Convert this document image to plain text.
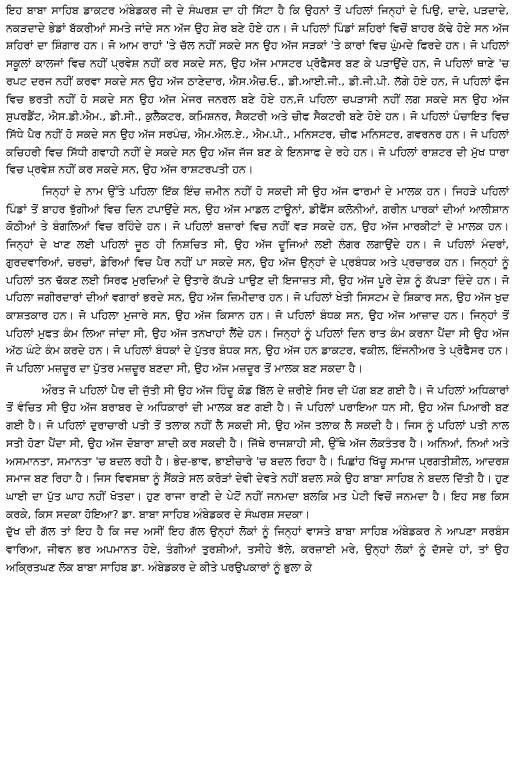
ਇਹ ਬਾਬਾ ਸਾਹਿਬ ਡਾਕਟਰ ਅੰਬੇਡਕਰ ਜੀ ਦੇ ਸੰਘਰਸ਼ ਦਾ ਹੀ ਸਿੱਟਾ ਹੈ ਕਿ ਉਹਨਾਂ ਤੋਂ ਪਹਿਲਾਂ ਜਿਨ੍ਹਾਂ ਦੇ ਪਿਉ, ਦਾਦੇ, ਪੜਦਾਦੇ, ਨਕੜਦਾਦੇ ਭੇਡਾਂ ਬੱਕਰੀਆਂ ਸਮਤੇ ਜਾਂਦੇ ਸਨ ਅੱਜ ਉਹ ਸ਼ੇਰ ਬਣੇ ਹੋਏ ਹਨ। ਜੋ ਪਹਿਲਾਂ ਪਿੰਡਾਂ ਸ਼ਹਿਰਾਂ ਵਿਚੋਂ ਬਾਹਰ ਕੱਢੇ ਹੋਏ ਸਨ ਅੱਜ ਸ਼ਹਿਰਾਂ ਦਾ ਸ਼ਿੰਗਾਰ ਹਨ। ਜੋ ਆਮ ਰਾਹਾਂ 'ਤੇ ਚੱਲ ਨਹੀਂ ਸਕਦੇ ਸਨ ਉਹ ਅੱਜ ਸੜਕਾਂ 'ਤੇ ਕਾਰਾਂ ਵਿਚ ਘੁੰਮਦੇ ਫਿਰਦੇ ਹਨ। ਜੋ ਪਹਿਲਾਂ ਸਕੂਲਾਂ ਕਾਲਜਾਂ ਵਿਚ ਨਹੀਂ ਪ੍ਰਵੇਸ਼ ਨਹੀਂ ਕਰ ਸਕਦੇ ਸਨ, ਉਹ ਅੱਜ ਮਾਸਟਰ ਪ੍ਰੋਫੈਸਰ ਬਣ ਕੇ ਪੜਾਉਂਦੇ ਹਨ, ਜੋ ਪਹਿਲਾਂ ਥਾਣੇ 'ਚ ਰਪਟ ਦਰਜ ਨਹੀਂ ਕਰਵਾ ਸਕਦੇ ਸਨ ਉਹ ਅੱਜ ਠਾਣੇਦਾਰ, ਐਸ.ਐਚ.ਓ., ਡੀ.ਆਈ.ਜੀ., ਡੀ.ਜੀ.ਪੀ. ਲੱਗੇ ਹੋਏ ਹਨ, ਜੋ ਪਹਿਲਾਂ ਫੌਜ ਵਿਚ ਭਰਤੀ ਨਹੀਂ ਹੋ ਸਕਦੇ ਸਨ ਉਹ ਅੱਜ ਮੇਜਰ ਜਨਰਲ ਬਣੇ ਹੋਏ ਹਨ,ਜੋ ਪਹਿਲਾ ਚਪੜਾਸੀ ਨਹੀਂ ਲਗ ਸਕਦੇ ਸਨ ਉਹ ਅੱਜ ਸੁਪਰਡੈਂਟ, ਐਸ.ਡੀ.ਐਮ., ਡੀ.ਸੀ., ਕੁਲੈਕਟਰ, ਕਮਿਸ਼ਨਰ, ਸੈਕਟਰੀ ਅਤੇ ਚੀਫ ਸੈਕਟਰੀ ਬਣੇ ਹੋਏ ਹਨ। ਜੋ ਪਹਿਲਾਂ ਪੰਚਾਇਤ ਵਿਚ ਸਿੱਧੇ ਪੈਰ ਨਹੀਂ ਹੋ ਸਕਦੇ ਸਨ ਉਹ ਅੱਜ ਸਰਪੰਚ, ਐਮ.ਐਲ.ਏ., ਐਮ.ਪੀ., ਮਨਿਸਟਰ, ਚੀਫ ਮਨਿਸਟਰ, ਗਵਰਨਰ ਹਨ। ਜੋ ਪਹਿਲਾਂ ਕਚਿਹਰੀ ਵਿਚ ਸਿੱਧੀ ਗਵਾਹੀ ਨਹੀਂ ਦੇ ਸਕਦੇ ਸਨ ਉਹ ਅੱਜ ਜੱਜ ਬਣ ਕੇ ਇਨਸਾਫ ਦੇ ਰਹੇ ਹਨ। ਜੋ ਪਹਿਲਾਂ ਰਾਸ਼ਟਰ ਦੀ ਮੁੱਖ ਧਾਰਾ ਵਿਚ ਪ੍ਰਵੇਸ਼ ਨਹੀਂ ਕਰ ਸਕਦੇ ਸਨ, ਉਹ ਅੱਜ ਰਾਸ਼ਟਰਪਤੀ ਹਨ।

ਜਿਨ੍ਹਾਂ ਦੇ ਨਾਮ ਉੱਤੇ ਪਹਿਲਾ ਇੱਕ ਇੰਚ ਜ਼ਮੀਨ ਨਹੀਂ ਹੋ ਸਕਦੀ ਸੀ ਉਹ ਅੱਜ ਫਾਰਮਾਂ ਦੇ ਮਾਲਕ ਹਨ। ਜਿਹੜੇ ਪਹਿਲਾਂ ਪਿੰਡਾਂ ਤੋਂ ਬਾਹਰ ਝੁੱਗੀਆਂ ਵਿਚ ਦਿਨ ਟਪਾਉਂਦੇ ਸਨ, ਉਹ ਅੱਜ ਮਾਡਲ ਟਾਊਨਾਂ, ਡੀਫੈਂਸ ਕਲੋਨੀਆਂ, ਗਰੀਨ ਪਾਰਕਾਂ ਦੀਆਂ ਆਲੀਸ਼ਾਨ ਕੋਠੀਆਂ ਤੇ ਬੰਗਲਿਆਂ ਵਿਚ ਰਹਿੰਦੇ ਹਨ। ਜੋ ਪਹਿਲਾਂ ਬਜ਼ਾਰਾਂ ਵਿਚ ਨਹੀਂ ਵੜ ਸਕਦੇ ਹਨ, ਉਹ ਅੱਜ ਮਾਰਕੀਟਾਂ ਦੇ ਮਾਲਕ ਹਨ। ਜਿਨ੍ਹਾਂ ਦੇ ਖਾਣ ਲਈ ਪਹਿਲਾਂ ਜੂਠ ਹੀ ਨਿਸ਼ਚਿਤ ਸੀ, ਉਹ ਅੱਜ ਦੂਜਿਆਂ ਲਈ ਲੰਗਰ ਲਗਾਉਂਦੇ ਹਨ। ਜੋ ਪਹਿਲਾਂ ਮੰਦਰਾਂ, ਗੁਰਦਵਾਰਿਆਂ, ਚਰਚਾਂ, ਡੇਰਿਆਂ ਵਿਚ ਪੈਰ ਨਹੀਂ ਪਾ ਸਕਦੇ ਸਨ, ਉਹ ਅੱਜ ਉਨ੍ਹਾਂ ਦੇ ਪ੍ਰਬੰਧਕ ਅਤੇ ਪ੍ਰਚਾਰਕ ਹਨ। ਜਿਨ੍ਹਾਂ ਨੂੰ ਪਹਿਲਾਂ ਤਨ ਢੱਕਣ ਲਈ ਸਿਰਫ ਮੁਰਦਿਆਂ ਦੇ ਉਤਾਰੇ ਕੱਪੜੇ ਪਾਉਣ ਦੀ ਇਜਾਜ਼ਤ ਸੀ, ਉਹ ਅੱਜ ਪੂਰੇ ਦੇਸ਼ ਨੂੰ ਕੱਪੜਾ ਦਿੰਦੇ ਹਨ। ਜੋ ਪਹਿਲਾ ਜਗੀਰਦਾਰਾਂ ਦੀਆਂ ਵਗਾਰਾਂ ਭਰਦੇ ਸਨ, ਉਹ ਅੱਜ ਜ਼ਿਮੀਦਾਰ ਹਨ। ਜੋ ਪਹਿਲਾਂ ਖੇਤੀ ਸਿਸਟਮ ਦੇ ਸ਼ਿਕਾਰ ਸਨ, ਉਹ ਅੱਜ ਖੁਦ ਕਾਸ਼ਤਕਾਰ ਹਨ। ਜੋ ਪਹਿਲਾ ਮੁਜਾਰੇ ਸਨ, ਉਹ ਅੱਜ ਕਿਸਾਨ ਹਨ। ਜੋ ਪਹਿਲਾਂ ਬੰਧਕ ਸਨ, ਉਹ ਅੱਜ ਆਜ਼ਾਦ ਹਨ। ਜਿਨ੍ਹਾਂ ਤੋਂ ਪਹਿਲਾਂ ਮੁਫਤ ਕੰਮ ਲਿਆ ਜਾਂਦਾ ਸੀ, ਉਹ ਅੱਜ ਤਨਖਾਹਾਂ ਲੈਂਦੇ ਹਨ। ਜਿਨ੍ਹਾਂ ਨੂੰ ਪਹਿਲਾਂ ਦਿਨ ਰਾਤ ਕੰਮ ਕਰਨਾ ਪੈਂਦਾ ਸੀ ਉਹ ਅੱਜ ਅੱਠ ਘੰਟੇ ਕੰਮ ਕਰਦੇ ਹਨ। ਜੋ ਪਹਿਲਾਂ ਬੰਧਕਾਂ ਦੇ ਪੁੱਤਰ ਬੰਧਕ ਸਨ, ਉਹ ਅੱਜ ਹਨ ਡਾਕਟਰ, ਵਕੀਲ, ਇੰਜਨੀਅਰ ਤੇ ਪ੍ਰੋਫੈਸਰ ਹਨ। ਜੋ ਪਹਿਲਾ ਮਜ਼ਦੂਰ ਦਾ ਪੁੱਤਰ ਮਜ਼ਦੂਰ ਬਣਦਾ ਸੀ, ਉਹ ਅੱਜ ਮਜ਼ਦੂਰ ਤੋਂ ਮਾਲਕ ਬਣ ਸਕਦਾ ਹੈ।

ਔਰਤ ਜੋ ਪਹਿਲਾਂ ਪੈਰ ਦੀ ਜੁੱਤੀ ਸੀ ਉਹ ਅੱਜ ਹਿੰਦੂ ਕੋਡ ਬਿੱਲ ਦੇ ਜ਼ਰੀਏ ਸਿਰ ਦੀ ਪੱਗ ਬਣ ਗਈ ਹੈ। ਜੋ ਪਹਿਲਾਂ ਅਧਿਕਾਰਾਂ ਤੋਂ ਵੰਚਿਤ ਸੀ ਉਹ ਅੱਜ ਬਰਾਬਰ ਦੇ ਅਧਿਕਾਰਾਂ ਦੀ ਮਾਲਕ ਬਣ ਗਈ ਹੈ। ਜੋ ਪਹਿਲਾਂ ਪਰਾਇਆ ਧਨ ਸੀ, ਉਹ ਅੱਜ ਪਿਆਰੀ ਬਣ ਗਈ ਹੈ। ਜੋ ਪਹਿਲਾਂ ਦੁਰਾਚਾਰੀ ਪਤੀ ਤੋਂ ਤਲਾਕ ਨਹੀਂ ਲੈ ਸਕਦੀ ਸੀ, ਉਹ ਅੱਜ ਤਲਾਕ ਲੈ ਸਕਦੀ ਹੈ। ਜਿਸ ਨੂੰ ਪਹਿਲਾਂ ਪਤੀ ਨਾਲ ਸਤੀ ਹੋਣਾ ਪੈਂਦਾ ਸੀ, ਉਹ ਅੱਜ ਦੋਬਾਰਾ ਸ਼ਾਦੀ ਕਰ ਸਕਦੀ ਹੈ। ਜਿੱਥੇ ਰਾਜਸ਼ਾਹੀ ਸੀ, ਉੱਥੇ ਅੱਜ ਲੋਕਤੰਤਰ ਹੈ। ਅਨਿਆਂ, ਨਿਆਂ ਅਤੇ ਅਸਮਾਨਤਾ, ਸਮਾਨਤਾ 'ਚ ਬਦਲ ਰਹੀ ਹੈ। ਭੇਦ-ਭਾਵ, ਭਾਈਚਾਰੇ 'ਚ ਬਦਲ ਰਿਹਾ ਹੈ। ਪਿਛਾਂਹ ਖਿੱਚੂ ਸਮਾਜ ਪ੍ਰਗਤੀਸ਼ੀਲ, ਆਦਰਸ਼ ਸਮਾਜ ਬਣ ਰਿਹਾ ਹੈ। ਜਿਸ ਵਿਵਸਥਾ ਨੂੰ ਸੈਂਕੜੇ ਸਲ ਕਰੋੜਾਂ ਦੇਵੀ ਦੇਵਤੇ ਨਹੀਂ ਬਦਲ ਸਕੇ ਉਹ ਬਾਬਾ ਸਾਹਿਬ ਨੇ ਬਦਲ ਦਿੱਤੀ ਹੈ। ਹੁਣ ਘਾਈ ਦਾ ਪੁੱਤ ਘਾਹ ਨਹੀਂ ਖੋਤਦਾ। ਹੁਣ ਰਾਜਾ ਰਾਣੀ ਦੇ ਪੇਟੋਂ ਨਹੀਂ ਜਨਮਦਾ ਬਲਕਿ ਮਤ ਪੇਟੀ ਵਿਚੋਂ ਜਨਮਦਾ ਹੈ। ਇਹ ਸਭ ਕਿਸ ਕਰਕੇ, ਕਿਸ ਸਦਕਾ ਹੋਇਆ? ਡਾ. ਬਾਬਾ ਸਾਹਿਬ ਅੰਬੇਡਕਰ ਦੇ ਸੰਘਰਸ਼ ਸਦਕਾ।

ਦੁੱਖ ਦੀ ਗੱਲ ਤਾਂ ਇਹ ਹੈ ਕਿ ਜਦ ਅਸੀਂ ਇਹ ਗੱਲ ਉਨ੍ਹਾਂ ਲੋਕਾਂ ਨੂੰ ਜਿਨ੍ਹਾਂ ਵਾਸਤੇ ਬਾਬਾ ਸਾਹਿਬ ਅੰਬੇਡਕਰ ਨੇ ਆਪਣਾ ਸਰਬੰਸ ਵਾਰਿਆ, ਜੀਵਨ ਭਰ ਅਪਮਾਨਤ ਹੋਏ, ਤੰਗੀਆਂ ਤੁਰਸ਼ੀਆਂ, ਤਸੀਹੇ ਝੱਲੇ, ਕਰਜ਼ਾਈ ਮਰੇ, ਉਨ੍ਹਾਂ ਲੋਕਾਂ ਨੂੰ ਦੱਸਦੇ ਹਾਂ, ਤਾਂ ਉਹ ਅਕ੍ਰਿਤਘਣ ਲੋਕ ਬਾਬਾ ਸਾਹਿਬ ਡਾ. ਅੰਬੇਡਕਰ ਦੇ ਕੀਤੇ ਪਰਉਪਕਾਰਾਂ ਨੂੰ ਭੁਲਾ ਕੇ
